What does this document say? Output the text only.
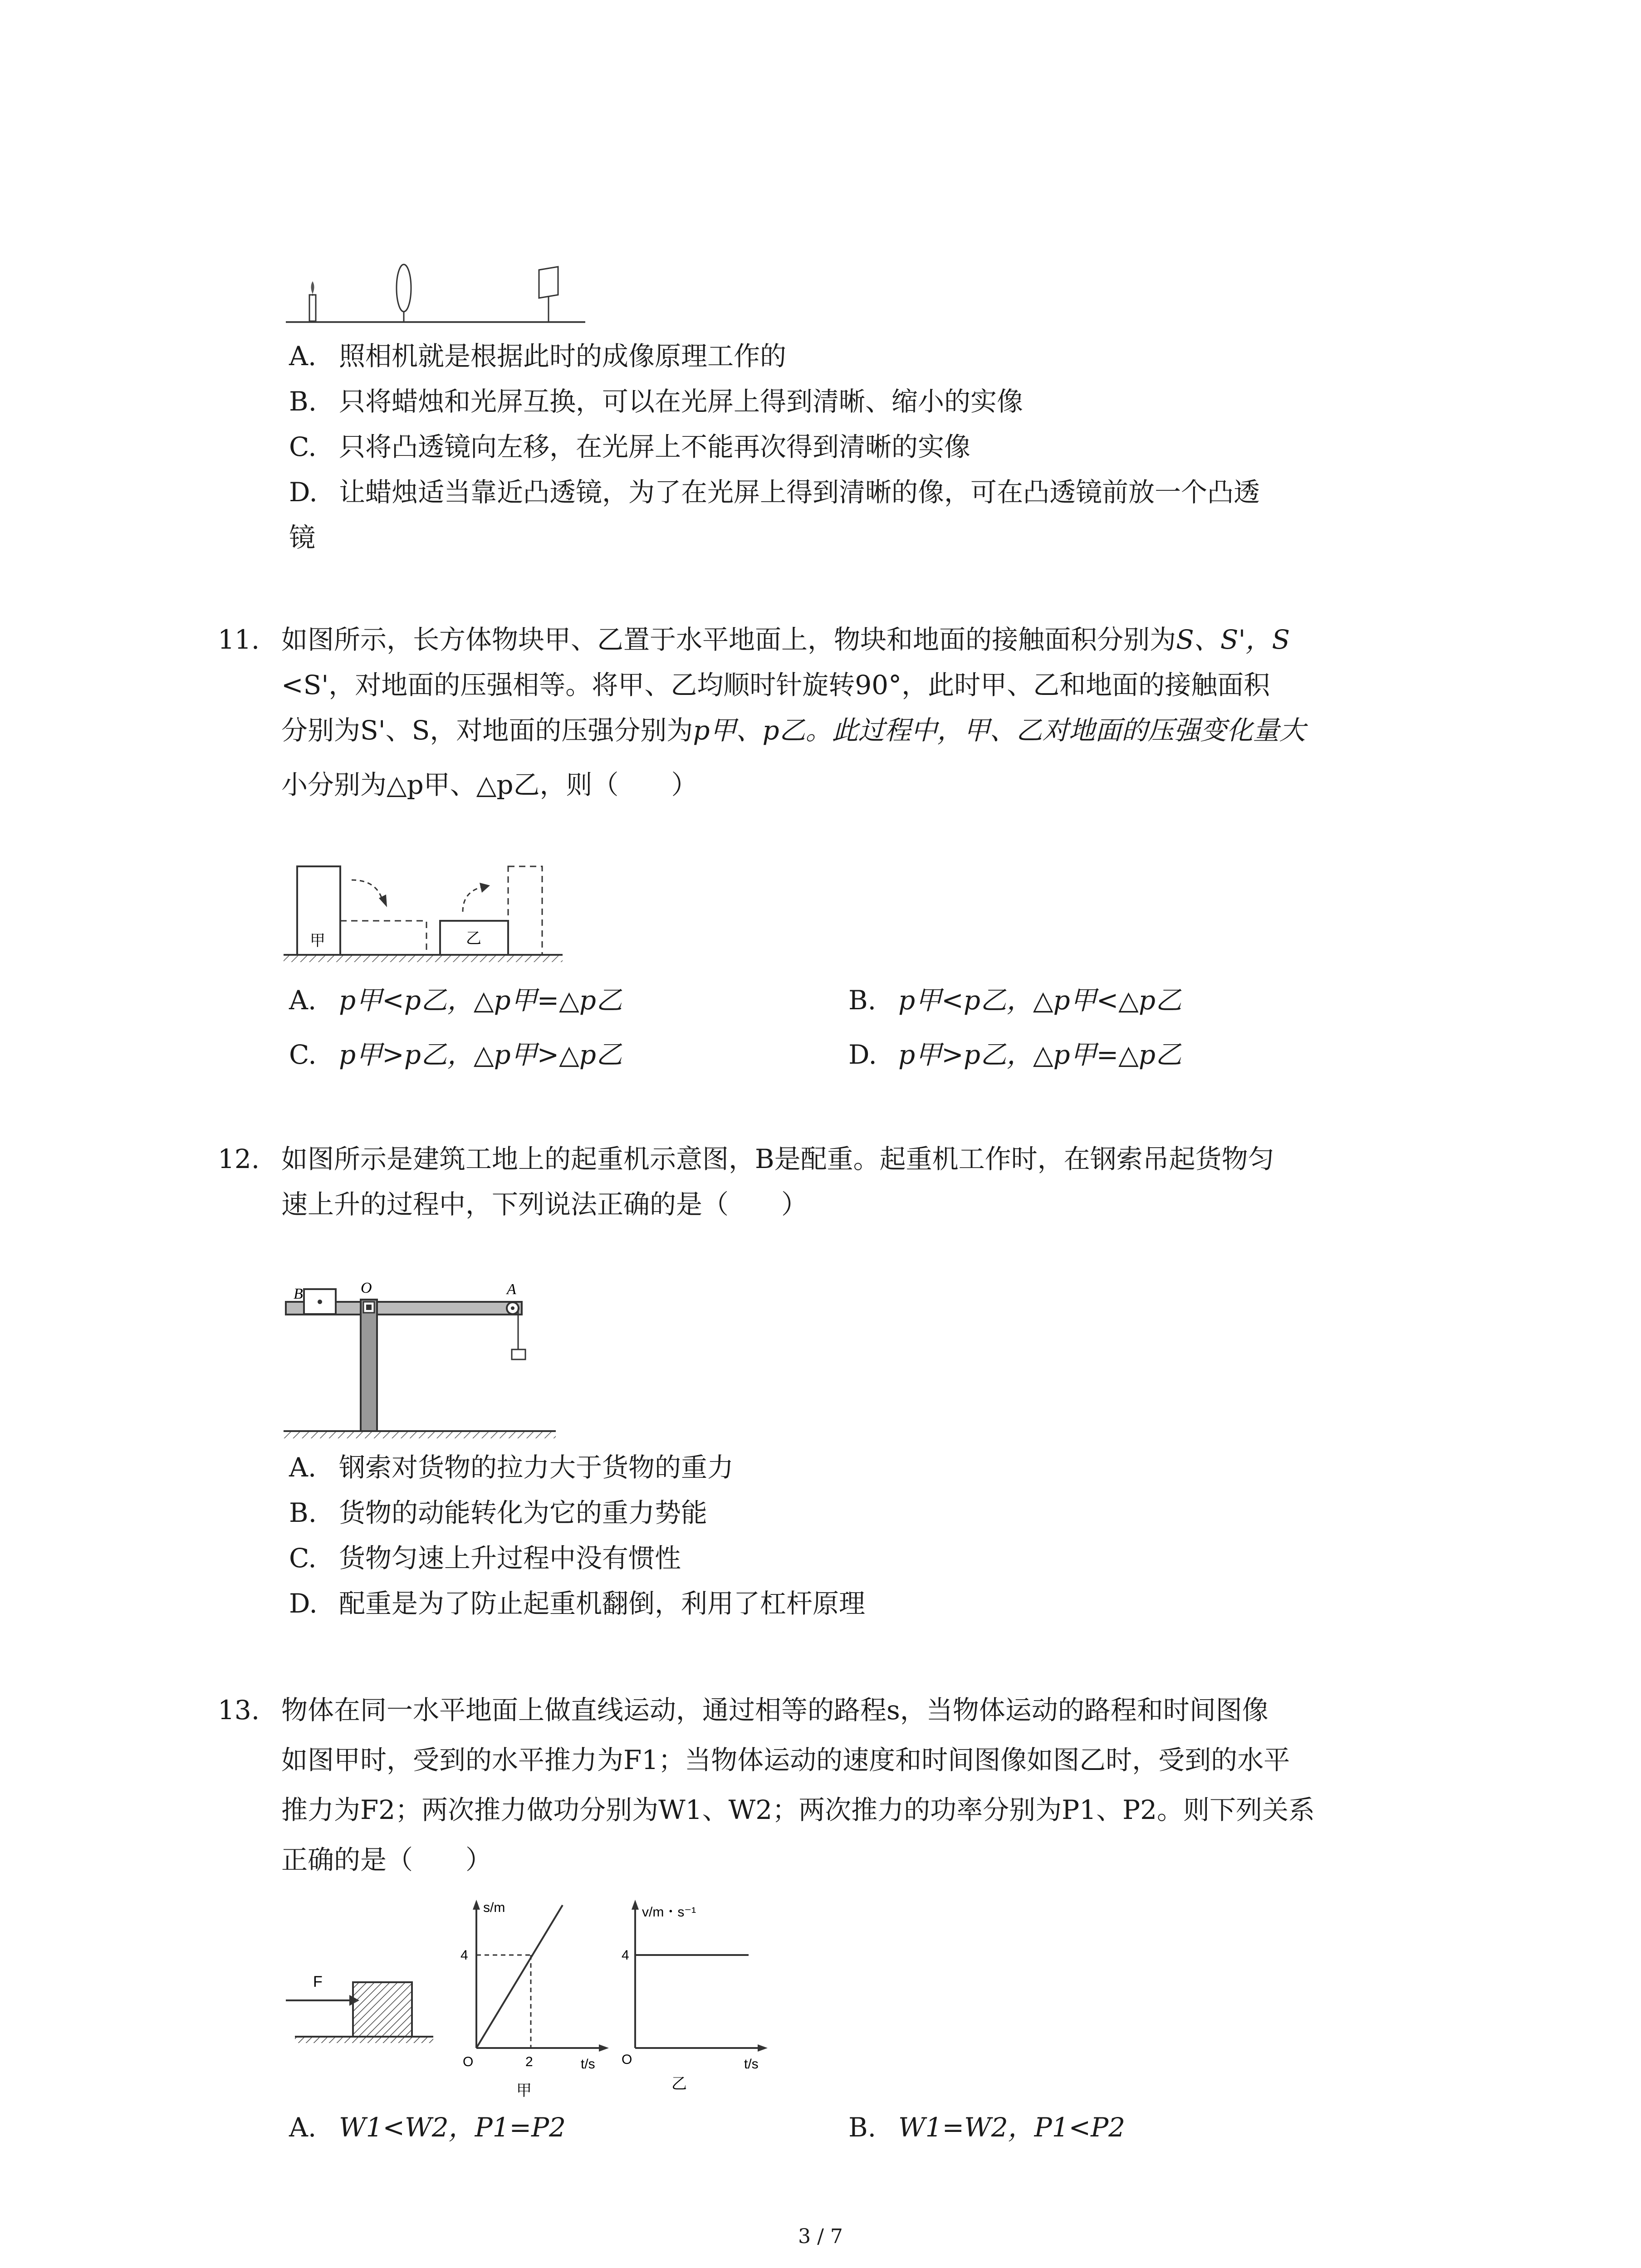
A. 照相机就是根据此时的成像原理工作的
B. 只将蜡烛和光屏互换，可以在光屏上得到清晰、缩小的实像
C. 只将凸透镜向左移，在光屏上不能再次得到清晰的实像
D. 让蜡烛适当靠近凸透镜，为了在光屏上得到清晰的像，可在凸透镜前放一个凸透
镜
11. 如图所示，长方体物块甲、乙置于水平地面上，物块和地面的接触面积分别为S、S'，S
<S'，对地面的压强相等。将甲、乙均顺时针旋转90°，此时甲、乙和地面的接触面积
分别为S'、S，对地面的压强分别为p甲、p乙。此过程中，甲、乙对地面的压强变化量大
小分别为△p甲、△p乙，则（　　）
甲	乙
A. p甲<p乙，△p甲=△p乙	B. p甲<p乙，△p甲<△p乙
C. p甲>p乙，△p甲>△p乙	D. p甲>p乙，△p甲=△p乙
12. 如图所示是建筑工地上的起重机示意图，B是配重。起重机工作时，在钢索吊起货物匀
速上升的过程中，下列说法正确的是（　　）
B	O	A
A. 钢索对货物的拉力大于货物的重力
B. 货物的动能转化为它的重力势能
C. 货物匀速上升过程中没有惯性
D. 配重是为了防止起重机翻倒，利用了杠杆原理
13. 物体在同一水平地面上做直线运动，通过相等的路程s，当物体运动的路程和时间图像
如图甲时，受到的水平推力为F1；当物体运动的速度和时间图像如图乙时，受到的水平
推力为F2；两次推力做功分别为W1、W2；两次推力的功率分别为P1、P2。则下列关系
正确的是（　　）
F
s/m
t/s
O
4
2
甲
v/m・s⁻¹
t/s
O
4
乙
A. W1<W2，P1=P2	B. W1=W2，P1<P2
3 / 7
